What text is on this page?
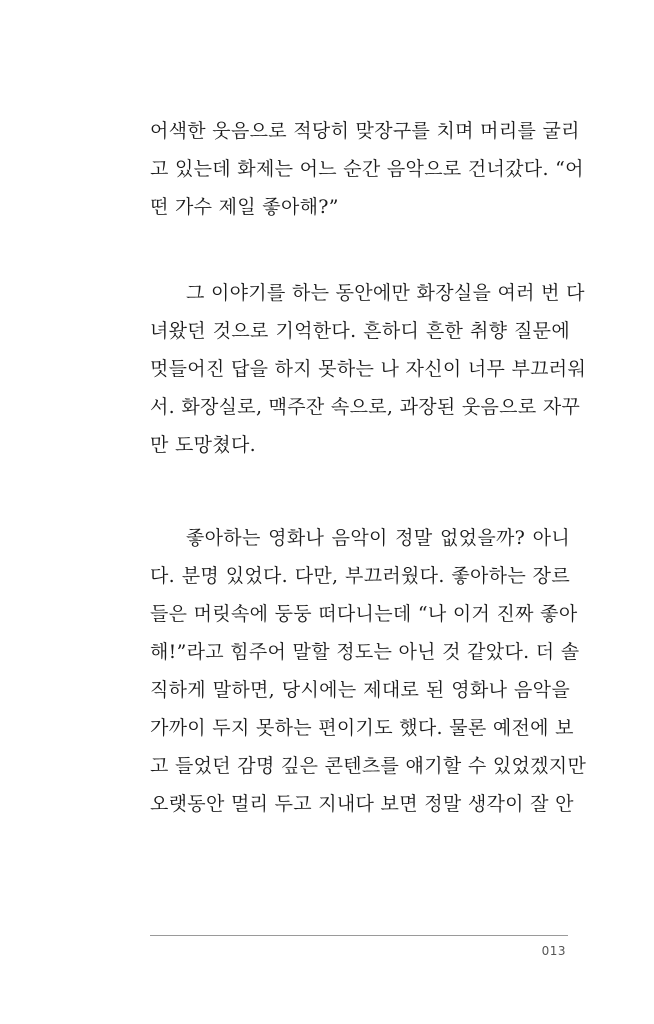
어색한 웃음으로 적당히 맞장구를 치며 머리를 굴리
고 있는데 화제는 어느 순간 음악으로 건너갔다. “어
떤 가수 제일 좋아해?”
그 이야기를 하는 동안에만 화장실을 여러 번 다
녀왔던 것으로 기억한다. 흔하디 흔한 취향 질문에
멋들어진 답을 하지 못하는 나 자신이 너무 부끄러워
서. 화장실로, 맥주잔 속으로, 과장된 웃음으로 자꾸
만 도망쳤다.
좋아하는 영화나 음악이 정말 없었을까? 아니
다. 분명 있었다. 다만, 부끄러웠다. 좋아하는 장르
들은 머릿속에 둥둥 떠다니는데 “나 이거 진짜 좋아
해!”라고 힘주어 말할 정도는 아닌 것 같았다. 더 솔
직하게 말하면, 당시에는 제대로 된 영화나 음악을
가까이 두지 못하는 편이기도 했다. 물론 예전에 보
고 들었던 감명 깊은 콘텐츠를 얘기할 수 있었겠지만
오랫동안 멀리 두고 지내다 보면 정말 생각이 잘 안
013
